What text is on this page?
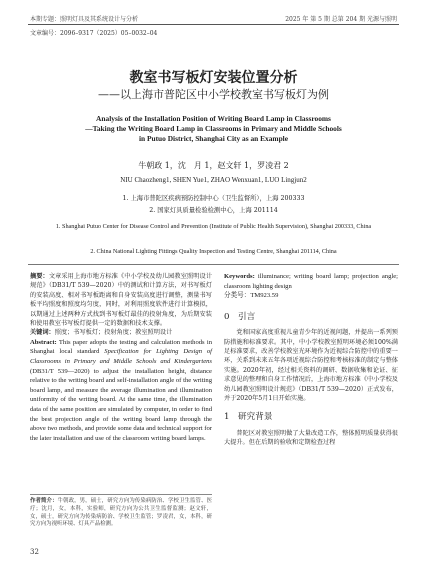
本期专题：照明灯具及其系统设计与分析	2025 年 第 5 期 总第 204 期 光源与照明
文章编号：2096–9317（2025）05–0032–04
教室书写板灯安装位置分析
——以上海市普陀区中小学校教室书写板灯为例
Analysis of the Installation Position of Writing Board Lamp in Classrooms
—Taking the Writing Board Lamp in Classrooms in Primary and Middle Schools
in Putuo District, Shanghai City as an Example
牛朝政 1，沈　月 1，赵文轩 1，罗凌君 2
NIU Chaozheng1, SHEN Yue1, ZHAO Wenxuan1, LUO Lingjun2
1. 上海市普陀区疾病预防控制中心（卫生监督所），上海 200333
2. 国家灯具质量检验检测中心，上海 201114
1. Shanghai Putuo Center for Disease Control and Prevention (Institute of Public Health Supervision), Shanghai 200333, China
2. China National Lighting Fittings Quality Inspection and Testing Centre, Shanghai 201114, China

摘要：文章采用上海市地方标准《中小学校及幼儿园教室照明设计规范》（DB31/T 539—2020）中的测试和计算方法，对书写板灯的安装高度、相对书写板距离和自身安装高度进行调整，测量书写板平均照度和照度均匀度，同时，对利用照度软件进行计算模拟，以期通过上述两种方式找到书写板灯最佳的投射角度，为后期安装和使用教室书写板灯提供一定的数据和技术支撑。

关键词：照度；书写板灯；投射角度；教室照明设计

Abstract: This paper adopts the testing and calculation methods in Shanghai local standard Specification for Lighting Design of Classrooms in Primary and Middle Schools and Kindergartens (DB31/T 539—2020) to adjust the installation height, distance relative to the writing board and self-installation angle of the writing board lamp, and measure the average illumination and illumination uniformity of the writing board. At the same time, the illumination data of the same position are simulated by computer, in order to find the best projection angle of the writing board lamp through the above two methods, and provide some data and technical support for the later installation and use of the classroom writing board lamps.

Keywords: illuminance; writing board lamp; projection angle; classroom lighting design

分类号：TM923.59

0　引言

党和国家高度重视儿童青少年的近视问题，并提出一系列预防措施和标准要求。其中，中小学校教室照明环境必须100%满足标准要求，改善学校教室光环境作为近视综合防控中的重要一环，关系到未来五年各项近视综合防控和考核标准的制定与整体实施。2020年初，经过相关资料的调研、数据收集和论证、征求意见的整理和自身工作情况后，上海市地方标准《中小学校及幼儿园教室照明设计规范》（DB31/T 539—2020）正式发布，并于2020年5月1日开始实施。

1　研究背景

普陀区对教室照明做了大量改造工作，整体照明质量获得很大提升。但在后期的验收和定期检查过程

作者简介：牛朝政，男，硕士，研究方向为传染病防治、学校卫生监管、医疗；沈月，女，本科，实验师，研究方向为公共卫生监督监测；赵文轩，女，硕士，研究方向为传染病防治、学校卫生监管；罗凌君，女，本科，研究方向为视听环境、灯具产品检测。
32
